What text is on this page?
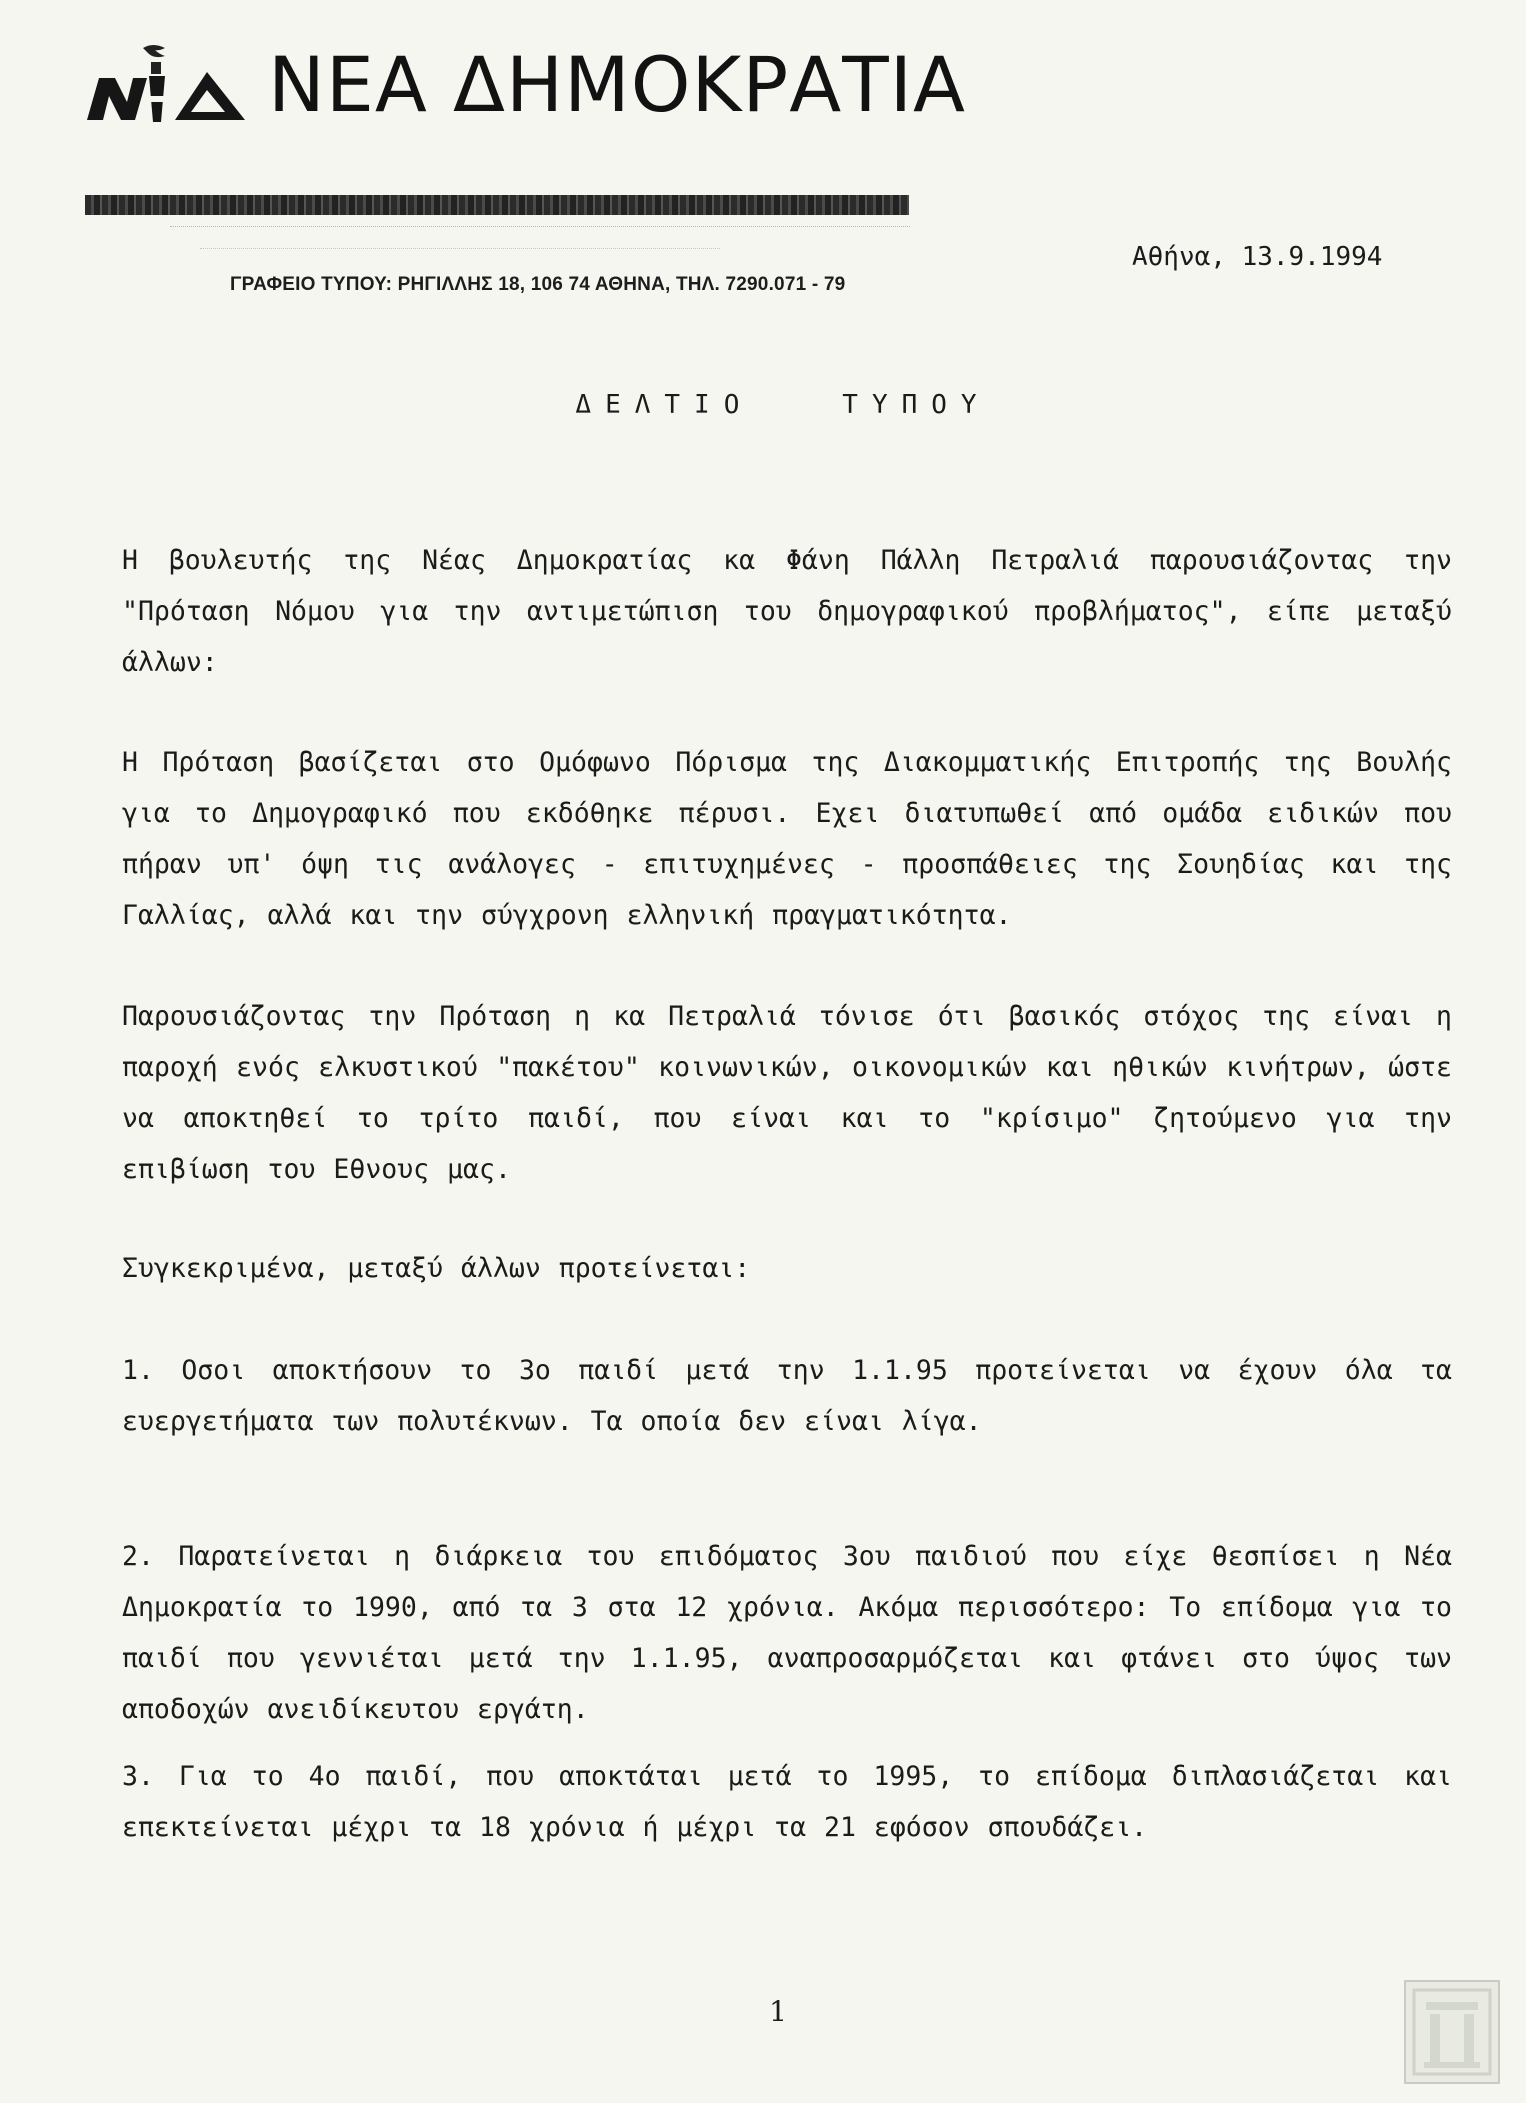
ΝΕΑ ΔΗΜΟΚΡΑΤΙΑ
ΓΡΑΦΕΙΟ ΤΥΠΟΥ: ΡΗΓΙΛΛΗΣ 18, 106 74 ΑΘΗΝΑ, ΤΗΛ. 7290.071 - 79
Αθήνα, 13.9.1994
ΔΕΛΤΙΟ   ΤΥΠΟΥ

Η βουλευτής της Νέας Δημοκρατίας κα Φάνη Πάλλη Πετραλιά παρουσιάζοντας την "Πρόταση Νόμου για την αντιμετώπιση του δημογραφικού προβλήματος", είπε μεταξύ άλλων:

Η Πρόταση βασίζεται στο Ομόφωνο Πόρισμα της Διακομματικής Επιτροπής της Βουλής για το Δημογραφικό που εκδόθηκε πέρυσι. Εχει διατυπωθεί από ομάδα ειδικών που πήραν υπ' όψη τις ανάλογες - επιτυχημένες - προσπάθειες της Σουηδίας και της Γαλλίας, αλλά και την σύγχρονη ελληνική πραγματικότητα.

Παρουσιάζοντας την Πρόταση η κα Πετραλιά τόνισε ότι βασικός στόχος της είναι η παροχή ενός ελκυστικού "πακέτου" κοινωνικών, οικονομικών και ηθικών κινήτρων, ώστε να αποκτηθεί το τρίτο παιδί, που είναι και το "κρίσιμο" ζητούμενο για την επιβίωση του Εθνους μας.

Συγκεκριμένα, μεταξύ άλλων προτείνεται:

1. Οσοι αποκτήσουν το 3ο παιδί μετά την 1.1.95 προτείνεται να έχουν όλα τα ευεργετήματα των πολυτέκνων. Τα οποία δεν είναι λίγα.

2. Παρατείνεται η διάρκεια του επιδόματος 3ου παιδιού που είχε θεσπίσει η Νέα Δημοκρατία το 1990, από τα 3 στα 12 χρόνια. Ακόμα περισσότερο: Το επίδομα για το παιδί που γεννιέται μετά την 1.1.95, αναπροσαρμόζεται και φτάνει στο ύψος των αποδοχών ανειδίκευτου εργάτη.

3. Για το 4ο παιδί, που αποκτάται μετά το 1995, το επίδομα διπλασιάζεται και επεκτείνεται μέχρι τα 18 χρόνια ή μέχρι τα 21 εφόσον σπουδάζει.

1
